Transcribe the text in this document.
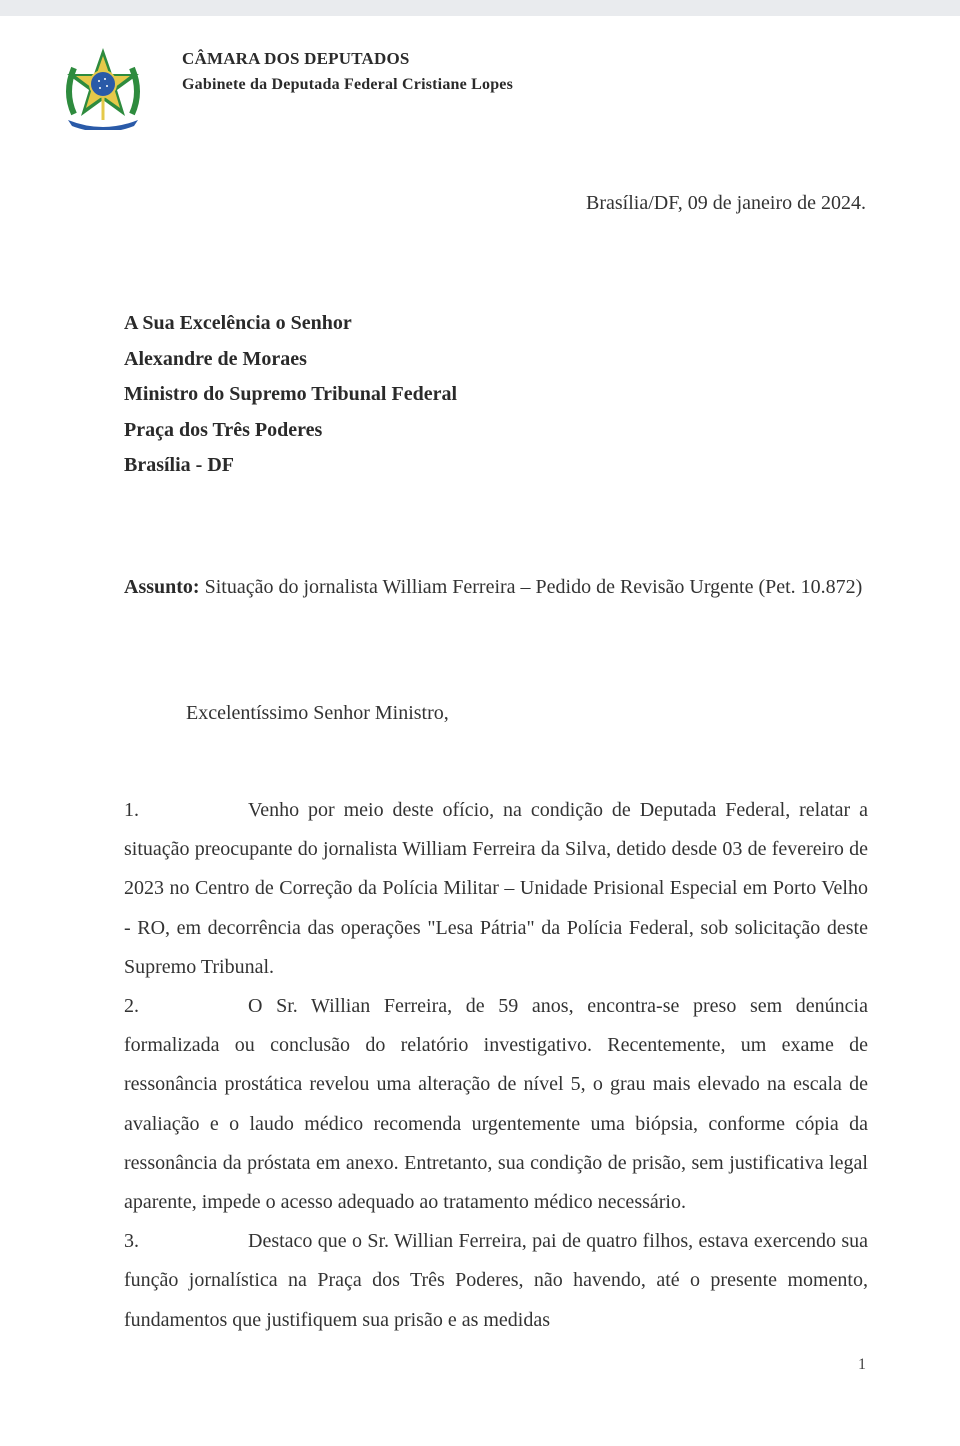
CÂMARA DOS DEPUTADOS
Gabinete da Deputada Federal Cristiane Lopes
Brasília/DF, 09 de janeiro de 2024.
A Sua Excelência o Senhor
Alexandre de Moraes
Ministro do Supremo Tribunal Federal
Praça dos Três Poderes
Brasília - DF
Assunto: Situação do jornalista William Ferreira – Pedido de Revisão Urgente (Pet. 10.872)
Excelentíssimo Senhor Ministro,

1.	Venho por meio deste ofício, na condição de Deputada Federal, relatar a situação preocupante do jornalista William Ferreira da Silva, detido desde 03 de fevereiro de 2023 no Centro de Correção da Polícia Militar – Unidade Prisional Especial em Porto Velho - RO, em decorrência das operações "Lesa Pátria" da Polícia Federal, sob solicitação deste Supremo Tribunal.

2.	O Sr. Willian Ferreira, de 59 anos, encontra-se preso sem denúncia formalizada ou conclusão do relatório investigativo. Recentemente, um exame de ressonância prostática revelou uma alteração de nível 5, o grau mais elevado na escala de avaliação e o laudo médico recomenda urgentemente uma biópsia, conforme cópia da ressonância da próstata em anexo. Entretanto, sua condição de prisão, sem justificativa legal aparente, impede o acesso adequado ao tratamento médico necessário.

3.	Destaco que o Sr. Willian Ferreira, pai de quatro filhos, estava exercendo sua função jornalística na Praça dos Três Poderes, não havendo, até o presente momento, fundamentos que justifiquem sua prisão e as medidas

1
